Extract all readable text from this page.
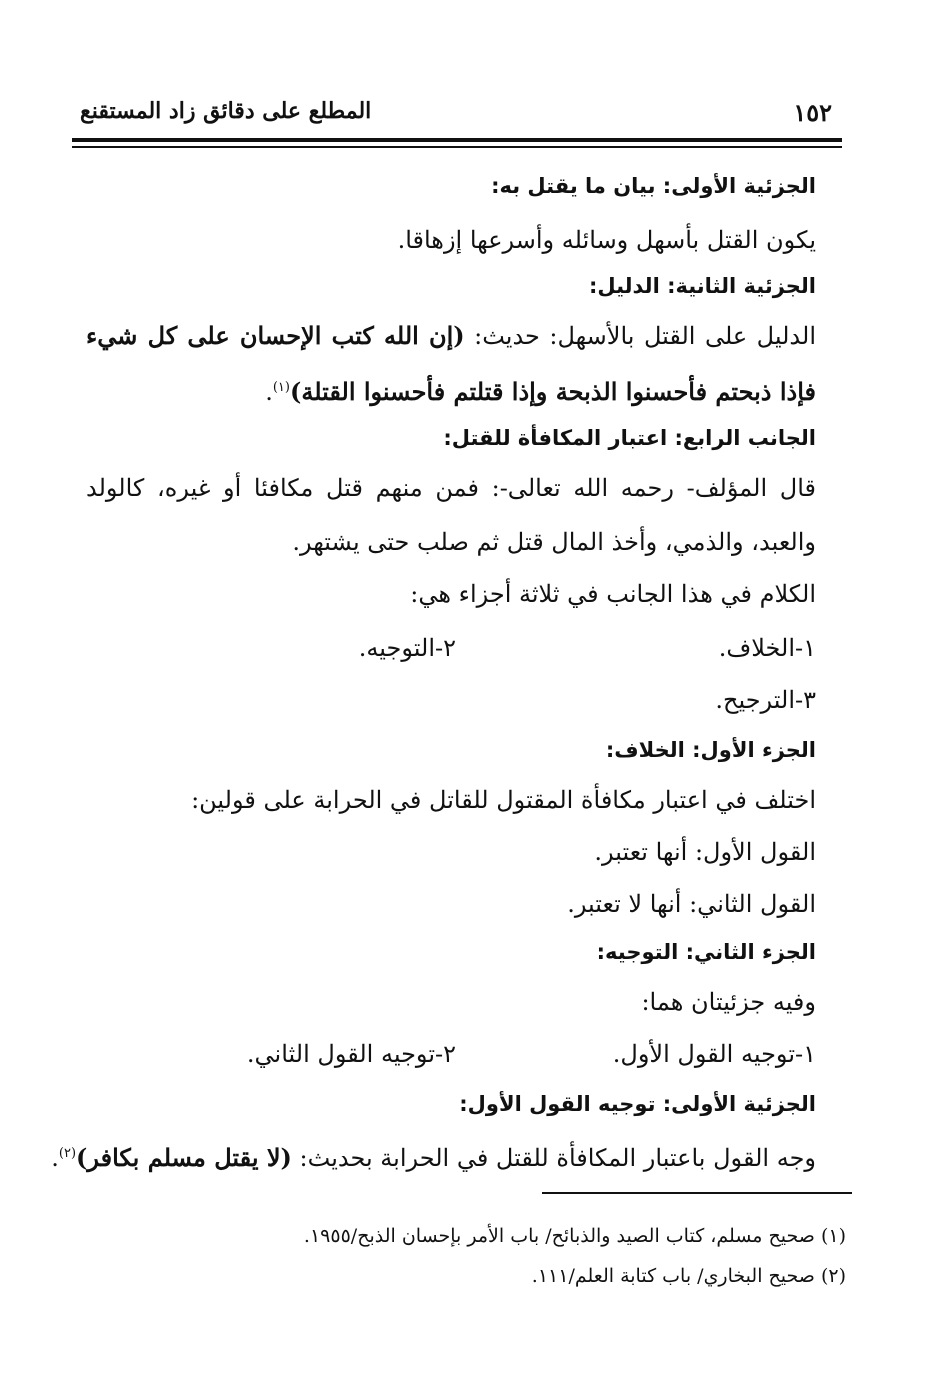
١٥٢
المطلع على دقائق زاد المستقنع
الجزئية الأولى: بيان ما يقتل به:
يكون القتل بأسهل وسائله وأسرعها إزهاقا.
الجزئية الثانية: الدليل:
الدليل على القتل بالأسهل: حديث: (إن الله كتب الإحسان على كل شيء
فإذا ذبحتم فأحسنوا الذبحة وإذا قتلتم فأحسنوا القتلة)$^{(١)}$.
الجانب الرابع: اعتبار المكافأة للقتل:
قال المؤلف- رحمه الله تعالى-: فمن منهم قتل مكافئا أو غيره، كالولد
والعبد، والذمي، وأخذ المال قتل ثم صلب حتى يشتهر.
الكلام في هذا الجانب في ثلاثة أجزاء هي:
١-الخلاف.
٢-التوجيه.
٣-الترجيح.
الجزء الأول: الخلاف:
اختلف في اعتبار مكافأة المقتول للقاتل في الحرابة على قولين:
القول الأول: أنها تعتبر.
القول الثاني: أنها لا تعتبر.
الجزء الثاني: التوجيه:
وفيه جزئيتان هما:
١-توجيه القول الأول.
٢-توجيه القول الثاني.
الجزئية الأولى: توجيه القول الأول:
وجه القول باعتبار المكافأة للقتل في الحرابة بحديث: (لا يقتل مسلم بكافر)$^{(٢)}$.
(١) صحيح مسلم، كتاب الصيد والذبائح/ باب الأمر بإحسان الذبح/١٩٥٥.
(٢) صحيح البخاري/ باب كتابة العلم/١١١.
